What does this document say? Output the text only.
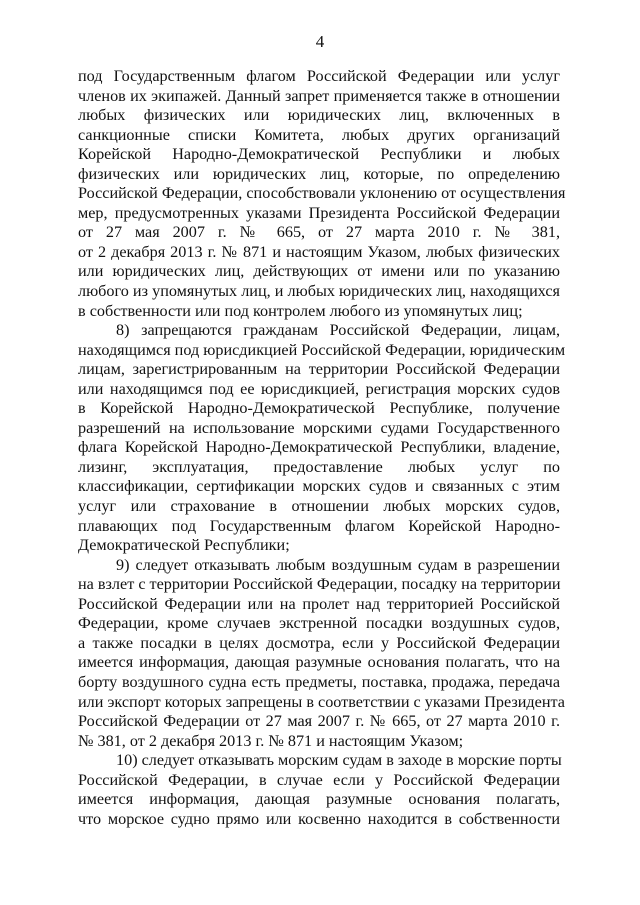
4
под Государственным флагом Российской Федерации или услуг
членов их экипажей. Данный запрет применяется также в отношении
любых физических или юридических лиц, включенных в
санкционные списки Комитета, любых других организаций
Корейской Народно-Демократической Республики и любых
физических или юридических лиц, которые, по определению
Российской Федерации, способствовали уклонению от осуществления
мер, предусмотренных указами Президента Российской Федерации
от 27 мая 2007 г. № 665, от 27 марта 2010 г. № 381,
от 2 декабря 2013 г. № 871 и настоящим Указом, любых физических
или юридических лиц, действующих от имени или по указанию
любого из упомянутых лиц, и любых юридических лиц, находящихся
в собственности или под контролем любого из упомянутых лиц;
8) запрещаются гражданам Российской Федерации, лицам,
находящимся под юрисдикцией Российской Федерации, юридическим
лицам, зарегистрированным на территории Российской Федерации
или находящимся под ее юрисдикцией, регистрация морских судов
в Корейской Народно-Демократической Республике, получение
разрешений на использование морскими судами Государственного
флага Корейской Народно-Демократической Республики, владение,
лизинг, эксплуатация, предоставление любых услуг по
классификации, сертификации морских судов и связанных с этим
услуг или страхование в отношении любых морских судов,
плавающих под Государственным флагом Корейской Народно-
Демократической Республики;
9) следует отказывать любым воздушным судам в разрешении
на взлет с территории Российской Федерации, посадку на территории
Российской Федерации или на пролет над территорией Российской
Федерации, кроме случаев экстренной посадки воздушных судов,
а также посадки в целях досмотра, если у Российской Федерации
имеется информация, дающая разумные основания полагать, что на
борту воздушного судна есть предметы, поставка, продажа, передача
или экспорт которых запрещены в соответствии с указами Президента
Российской Федерации от 27 мая 2007 г. № 665, от 27 марта 2010 г.
№ 381, от 2 декабря 2013 г. № 871 и настоящим Указом;
10) следует отказывать морским судам в заходе в морские порты
Российской Федерации, в случае если у Российской Федерации
имеется информация, дающая разумные основания полагать,
что морское судно прямо или косвенно находится в собственности
